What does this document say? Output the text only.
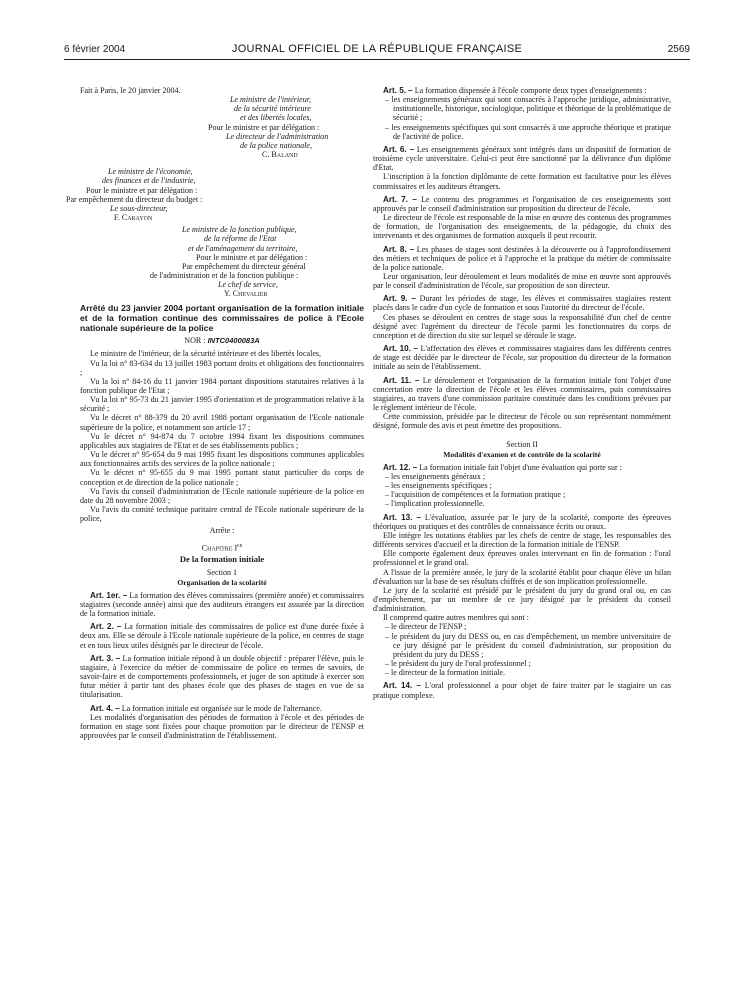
6 février 2004	JOURNAL OFFICIEL DE LA RÉPUBLIQUE FRANÇAISE	2569

Fait à Paris, le 20 janvier 2004.

Le ministre de l'intérieur,

de la sécurité intérieure

et des libertés locales,

Pour le ministre et par délégation :

Le directeur de l'administration

de la police nationale,

C. Baland

Le ministre de l'économie,

des finances et de l'industrie,

Pour le ministre et par délégation :

Par empêchement du directeur du budget :

Le sous-directeur,

F. Carayon

Le ministre de la fonction publique,

de la réforme de l'Etat

et de l'aménagement du territoire,

Pour le ministre et par délégation :

Par empêchement du directeur général

de l'administration et de la fonction publique :

Le chef de service,

Y. Chevalier

Arrêté du 23 janvier 2004 portant organisation de la formation initiale et de la formation continue des commissaires de police à l'Ecole nationale supérieure de la police

NOR : INTC0400083A

Le ministre de l'intérieur, de la sécurité intérieure et des libertés locales,

Vu la loi n° 83-634 du 13 juillet 1983 portant droits et obligations des fonctionnaires ;

Vu la loi n° 84-16 du 11 janvier 1984 portant dispositions statutaires relatives à la fonction publique de l'Etat ;

Vu la loi n° 95-73 du 21 janvier 1995 d'orientation et de programmation relative à la sécurité ;

Vu le décret n° 88-379 du 20 avril 1988 portant organisation de l'Ecole nationale supérieure de la police, et notamment son article 17 ;

Vu le décret n° 94-874 du 7 octobre 1994 fixant les dispositions communes applicables aux stagiaires de l'Etat et de ses établissements publics ;

Vu le décret n° 95-654 du 9 mai 1995 fixant les dispositions communes applicables aux fonctionnaires actifs des services de la police nationale ;

Vu le décret n° 95-655 du 9 mai 1995 portant statut particulier du corps de conception et de direction de la police nationale ;

Vu l'avis du conseil d'administration de l'Ecole nationale supérieure de la police en date du 28 novembre 2003 ;

Vu l'avis du comité technique paritaire central de l'Ecole nationale supérieure de la police,

Arrête :

Chapitre Ier

De la formation initiale

Section 1

Organisation de la scolarité

Art. 1er. – La formation des élèves commissaires (première année) et commissaires stagiaires (seconde année) ainsi que des auditeurs étrangers est assurée par la direction de la formation initiale.

Art. 2. – La formation initiale des commissaires de police est d'une durée fixée à deux ans. Elle se déroule à l'Ecole nationale supérieure de la police, en centres de stage et en tous lieux utiles désignés par le directeur de l'école.

Art. 3. – La formation initiale répond à un double objectif : préparer l'élève, puis le stagiaire, à l'exercice du métier de commissaire de police en termes de savoirs, de savoir-faire et de comportements professionnels, et juger de son aptitude à exercer son futur métier à partir tant des phases école que des phases de stages en vue de sa titularisation.

Art. 4. – La formation initiale est organisée sur le mode de l'alternance.

Les modalités d'organisation des périodes de formation à l'école et des périodes de formation en stage sont fixées pour chaque promotion par le directeur de l'ENSP et approuvées par le conseil d'administration de l'établissement.

Art. 5. – La formation dispensée à l'école comporte deux types d'enseignements :

– les enseignements généraux qui sont consacrés à l'approche juridique, administrative, institutionnelle, historique, sociologique, politique et théorique de la problématique de sécurité ;
– les enseignements spécifiques qui sont consacrés à une approche théorique et pratique de l'activité de police.

Art. 6. – Les enseignements généraux sont intégrés dans un dispositif de formation de troisième cycle universitaire. Celui-ci peut être sanctionné par la délivrance d'un diplôme d'Etat.

L'inscription à la fonction diplômante de cette formation est facultative pour les élèves commissaires et les auditeurs étrangers.

Art. 7. – Le contenu des programmes et l'organisation de ces enseignements sont approuvés par le conseil d'administration sur proposition du directeur de l'école.

Le directeur de l'école est responsable de la mise en œuvre des contenus des programmes de formation, de l'organisation des enseignements, de la pédagogie, du choix des intervenants et des organismes de formation auxquels il peut recourir.

Art. 8. – Les phases de stages sont destinées à la découverte ou à l'approfondissement des métiers et techniques de police et à l'approche et la pratique du métier de commissaire de la police nationale.

Leur organisation, leur déroulement et leurs modalités de mise en œuvre sont approuvés par le conseil d'administration de l'école, sur proposition de son directeur.

Art. 9. – Durant les périodes de stage, les élèves et commissaires stagiaires restent placés dans le cadre d'un cycle de formation et sous l'autorité du directeur de l'école.

Ces phases se déroulent en centres de stage sous la responsabilité d'un chef de centre désigné avec l'agrément du directeur de l'école parmi les fonctionnaires du corps de conception et de direction du site sur lequel se déroule le stage.

Art. 10. – L'affectation des élèves et commissaires stagiaires dans les différents centres de stage est décidée par le directeur de l'école, sur proposition du directeur de la formation initiale au sein de l'établissement.

Art. 11. – Le déroulement et l'organisation de la formation initiale font l'objet d'une concertation entre la direction de l'école et les élèves commissaires, puis commissaires stagiaires, au travers d'une commission paritaire constituée dans les conditions prévues par le règlement intérieur de l'école.

Cette commission, présidée par le directeur de l'école ou son représentant nommément désigné, formule des avis et peut émettre des propositions.

Section II

Modalités d'examen et de contrôle de la scolarité

Art. 12. – La formation initiale fait l'objet d'une évaluation qui porte sur :

– les enseignements généraux ;
– les enseignements spécifiques ;
– l'acquisition de compétences et la formation pratique ;
– l'implication professionnelle.

Art. 13. – L'évaluation, assurée par le jury de la scolarité, comporte des épreuves théoriques ou pratiques et des contrôles de connaissance écrits ou oraux.

Elle intègre les notations établies par les chefs de centre de stage, les responsables des différents services d'accueil et la direction de la formation initiale de l'ENSP.

Elle comporte également deux épreuves orales intervenant en fin de formation : l'oral professionnel et le grand oral.

A l'issue de la première année, le jury de la scolarité établit pour chaque élève un bilan d'évaluation sur la base de ses résultats chiffrés et de son implication professionnelle.

Le jury de la scolarité est présidé par le président du jury du grand oral ou, en cas d'empêchement, par un membre de ce jury désigné par le président du conseil d'administration.

Il comprend quatre autres membres qui sont :

– le directeur de l'ENSP ;
– le président du jury du DESS ou, en cas d'empêchement, un membre universitaire de ce jury désigné par le président du conseil d'administration, sur proposition du président du jury du DESS ;
– le président du jury de l'oral professionnel ;
– le directeur de la formation initiale.

Art. 14. – L'oral professionnel a pour objet de faire traiter par le stagiaire un cas pratique complexe.
